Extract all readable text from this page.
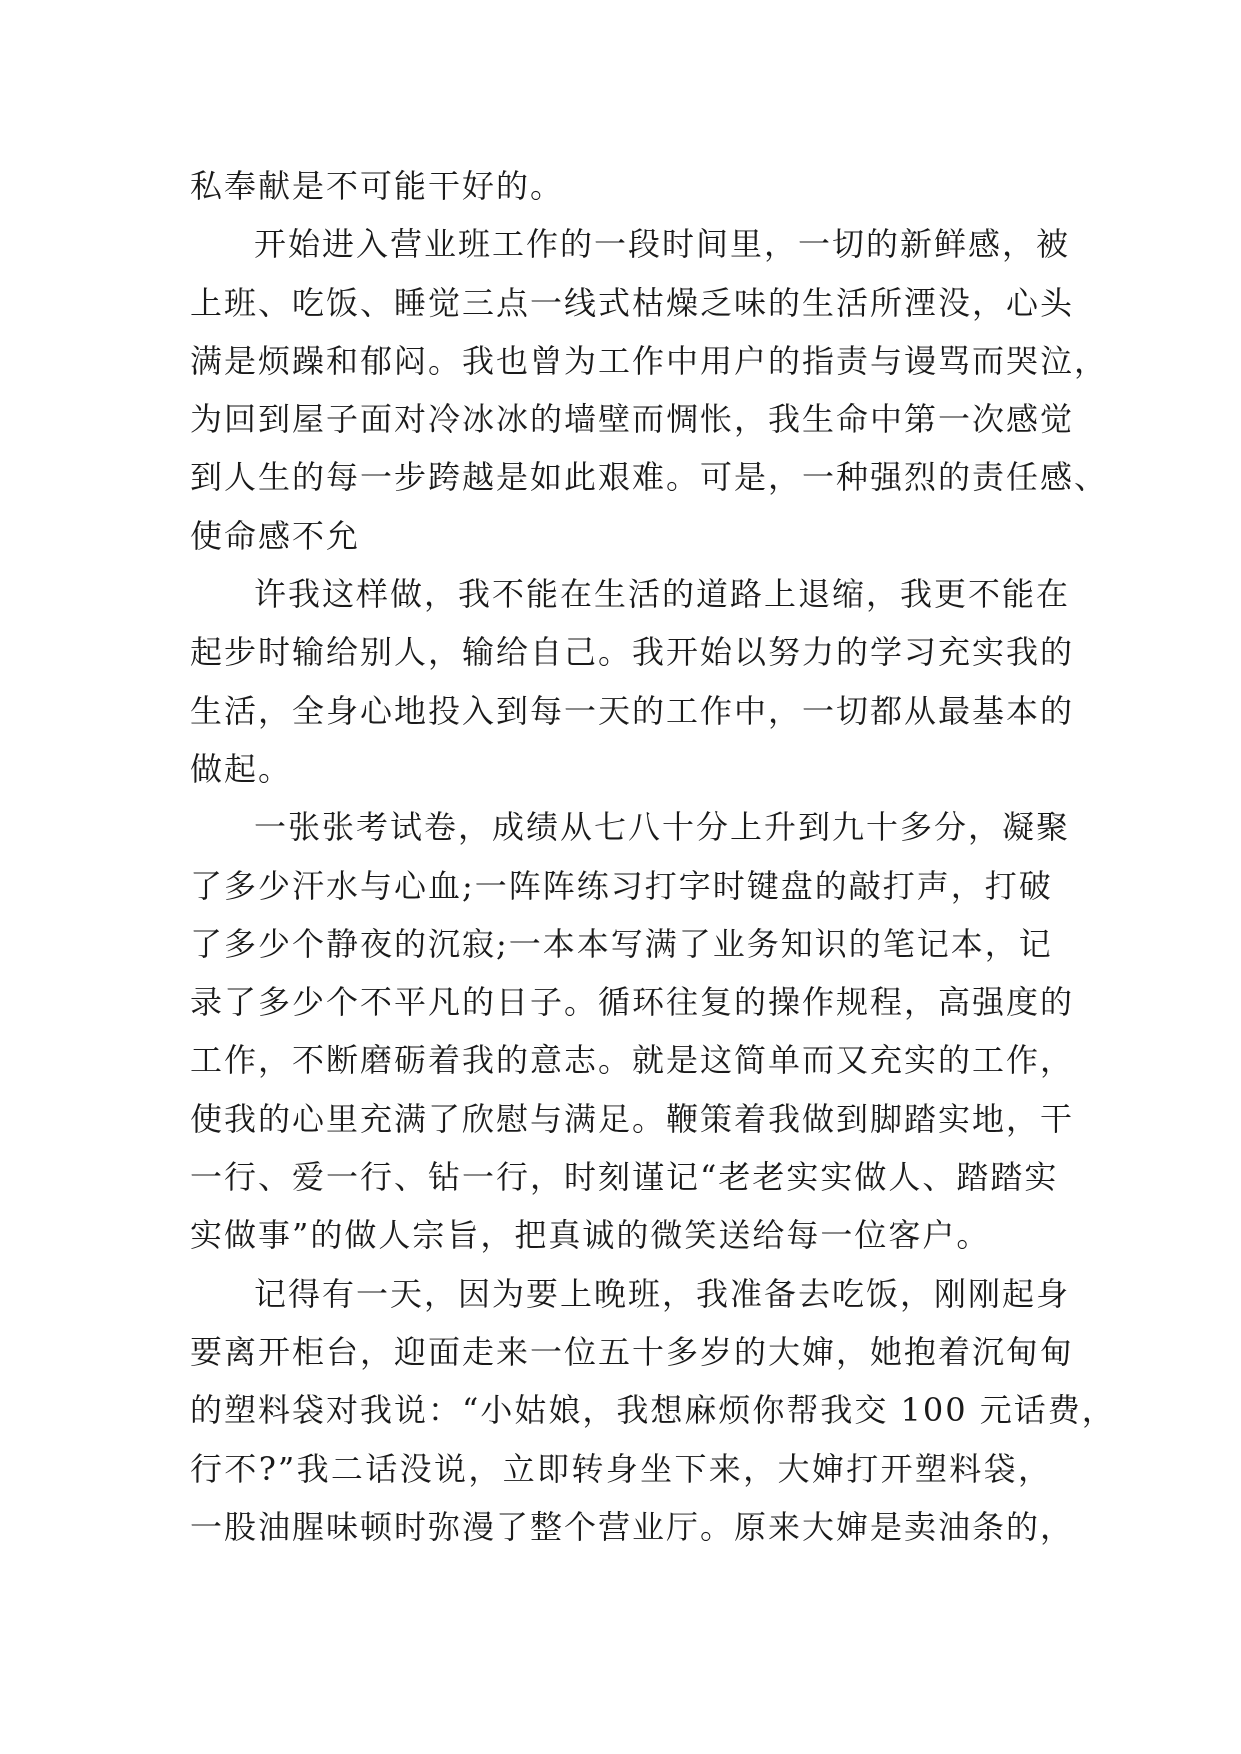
私奉献是不可能干好的。
开始进入营业班工作的一段时间里，一切的新鲜感，被
上班、吃饭、睡觉三点一线式枯燥乏味的生活所湮没，心头
满是烦躁和郁闷。我也曾为工作中用户的指责与谩骂而哭泣，
为回到屋子面对冷冰冰的墙壁而惆怅，我生命中第一次感觉
到人生的每一步跨越是如此艰难。可是，一种强烈的责任感、
使命感不允
许我这样做，我不能在生活的道路上退缩，我更不能在
起步时输给别人，输给自己。我开始以努力的学习充实我的
生活，全身心地投入到每一天的工作中，一切都从最基本的
做起。
一张张考试卷，成绩从七八十分上升到九十多分，凝聚
了多少汗水与心血;一阵阵练习打字时键盘的敲打声，打破
了多少个静夜的沉寂;一本本写满了业务知识的笔记本，记
录了多少个不平凡的日子。循环往复的操作规程，高强度的
工作，不断磨砺着我的意志。就是这简单而又充实的工作，
使我的心里充满了欣慰与满足。鞭策着我做到脚踏实地，干
一行、爱一行、钻一行，时刻谨记“老老实实做人、踏踏实
实做事”的做人宗旨，把真诚的微笑送给每一位客户。
记得有一天，因为要上晚班，我准备去吃饭，刚刚起身
要离开柜台，迎面走来一位五十多岁的大婶，她抱着沉甸甸
的塑料袋对我说：“小姑娘，我想麻烦你帮我交 100 元话费，
行不?”我二话没说，立即转身坐下来，大婶打开塑料袋，
一股油腥味顿时弥漫了整个营业厅。原来大婶是卖油条的，
